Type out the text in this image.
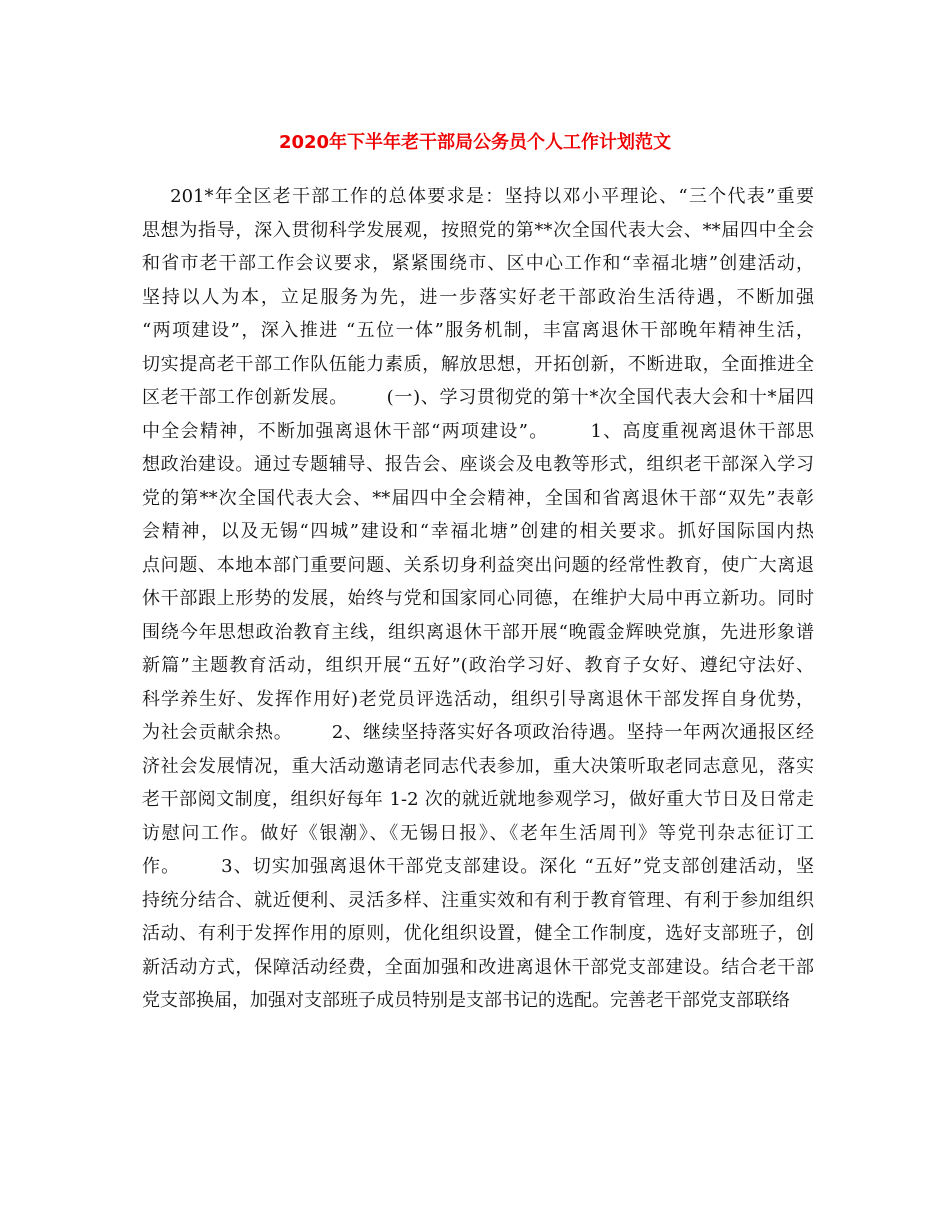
2020年下半年老干部局公务员个人工作计划范文
201*年全区老干部工作的总体要求是：坚持以邓小平理论、“三个代表”重要
思想为指导，深入贯彻科学发展观，按照党的第**次全国代表大会、**届四中全会
和省市老干部工作会议要求，紧紧围绕市、区中心工作和“幸福北塘”创建活动，
坚持以人为本，立足服务为先，进一步落实好老干部政治生活待遇，不断加强
“两项建设”，深入推进 “五位一体”服务机制，丰富离退休干部晚年精神生活，
切实提高老干部工作队伍能力素质，解放思想，开拓创新，不断进取，全面推进全
区老干部工作创新发展。      (一)、学习贯彻党的第十*次全国代表大会和十*届四
中全会精神，不断加强离退休干部“两项建设”。      1、高度重视离退休干部思
想政治建设。通过专题辅导、报告会、座谈会及电教等形式，组织老干部深入学习
党的第**次全国代表大会、**届四中全会精神，全国和省离退休干部“双先”表彰
会精神，以及无锡“四城”建设和“幸福北塘”创建的相关要求。抓好国际国内热
点问题、本地本部门重要问题、关系切身利益突出问题的经常性教育，使广大离退
休干部跟上形势的发展，始终与党和国家同心同德，在维护大局中再立新功。同时
围绕今年思想政治教育主线，组织离退休干部开展“晚霞金辉映党旗，先进形象谱
新篇”主题教育活动，组织开展“五好”(政治学习好、教育子女好、遵纪守法好、
科学养生好、发挥作用好)老党员评选活动，组织引导离退休干部发挥自身优势，
为社会贡献余热。      2、继续坚持落实好各项政治待遇。坚持一年两次通报区经
济社会发展情况，重大活动邀请老同志代表参加，重大决策听取老同志意见，落实
老干部阅文制度，组织好每年 1-2 次的就近就地参观学习，做好重大节日及日常走
访慰问工作。做好《银潮》、《无锡日报》、《老年生活周刊》等党刊杂志征订工
作。      3、切实加强离退休干部党支部建设。深化 “五好”党支部创建活动，坚
持统分结合、就近便利、灵活多样、注重实效和有利于教育管理、有利于参加组织
活动、有利于发挥作用的原则，优化组织设置，健全工作制度，选好支部班子，创
新活动方式，保障活动经费，全面加强和改进离退休干部党支部建设。结合老干部
党支部换届，加强对支部班子成员特别是支部书记的选配。完善老干部党支部联络
